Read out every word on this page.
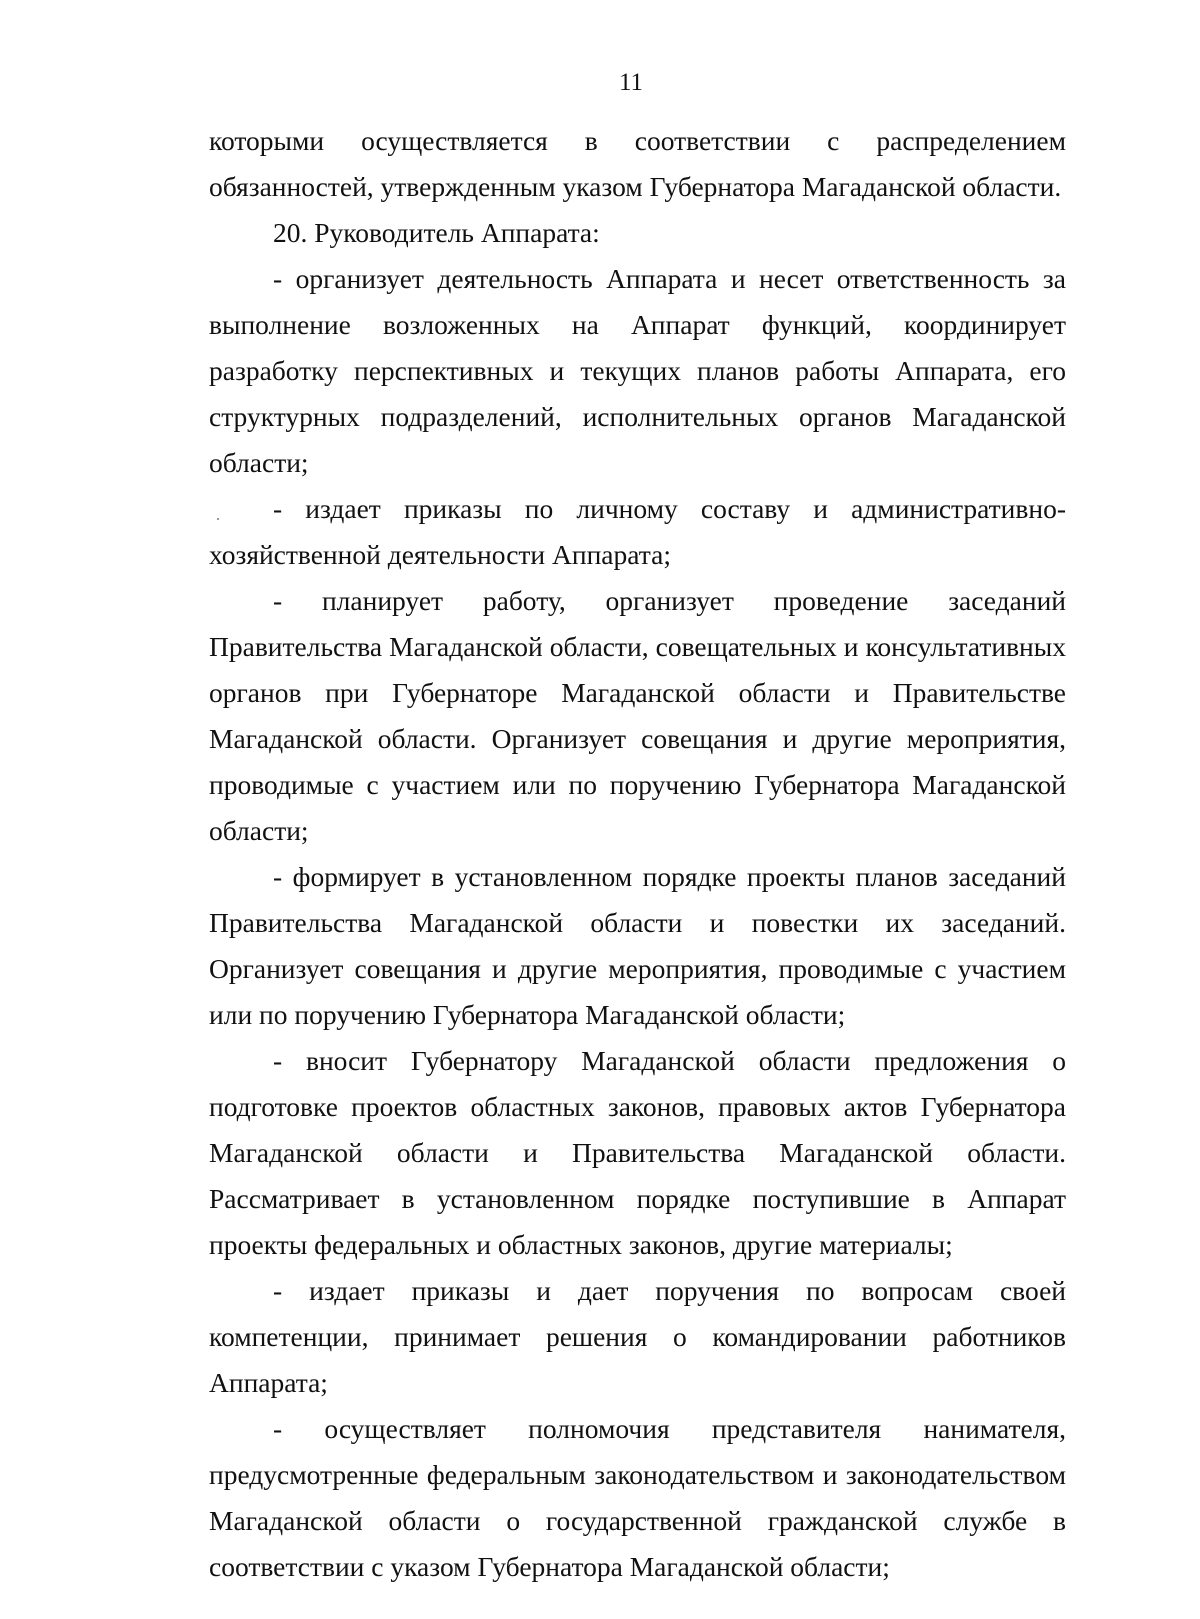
11

которыми осуществляется в соответствии с распределением обязанностей, утвержденным указом Губернатора Магаданской области.

20. Руководитель Аппарата:

- организует деятельность Аппарата и несет ответственность за выполнение возложенных на Аппарат функций, координирует разработку перспективных и текущих планов работы Аппарата, его структурных подразделений, исполнительных органов Магаданской области;

- издает приказы по личному составу и административно-хозяйственной деятельности Аппарата;

- планирует работу, организует проведение заседаний Правительства Магаданской области, совещательных и консультативных органов при Губернаторе Магаданской области и Правительстве Магаданской области. Организует совещания и другие мероприятия, проводимые с участием или по поручению Губернатора Магаданской области;

- формирует в установленном порядке проекты планов заседаний Правительства Магаданской области и повестки их заседаний. Организует совещания и другие мероприятия, проводимые с участием или по поручению Губернатора Магаданской области;

- вносит Губернатору Магаданской области предложения о подготовке проектов областных законов, правовых актов Губернатора Магаданской области и Правительства Магаданской области. Рассматривает в установленном порядке поступившие в Аппарат проекты федеральных и областных законов, другие материалы;

- издает приказы и дает поручения по вопросам своей компетенции, принимает решения о командировании работников Аппарата;

- осуществляет полномочия представителя нанимателя, предусмотренные федеральным законодательством и законодательством Магаданской области о государственной гражданской службе в соответствии с указом Губернатора Магаданской области;
